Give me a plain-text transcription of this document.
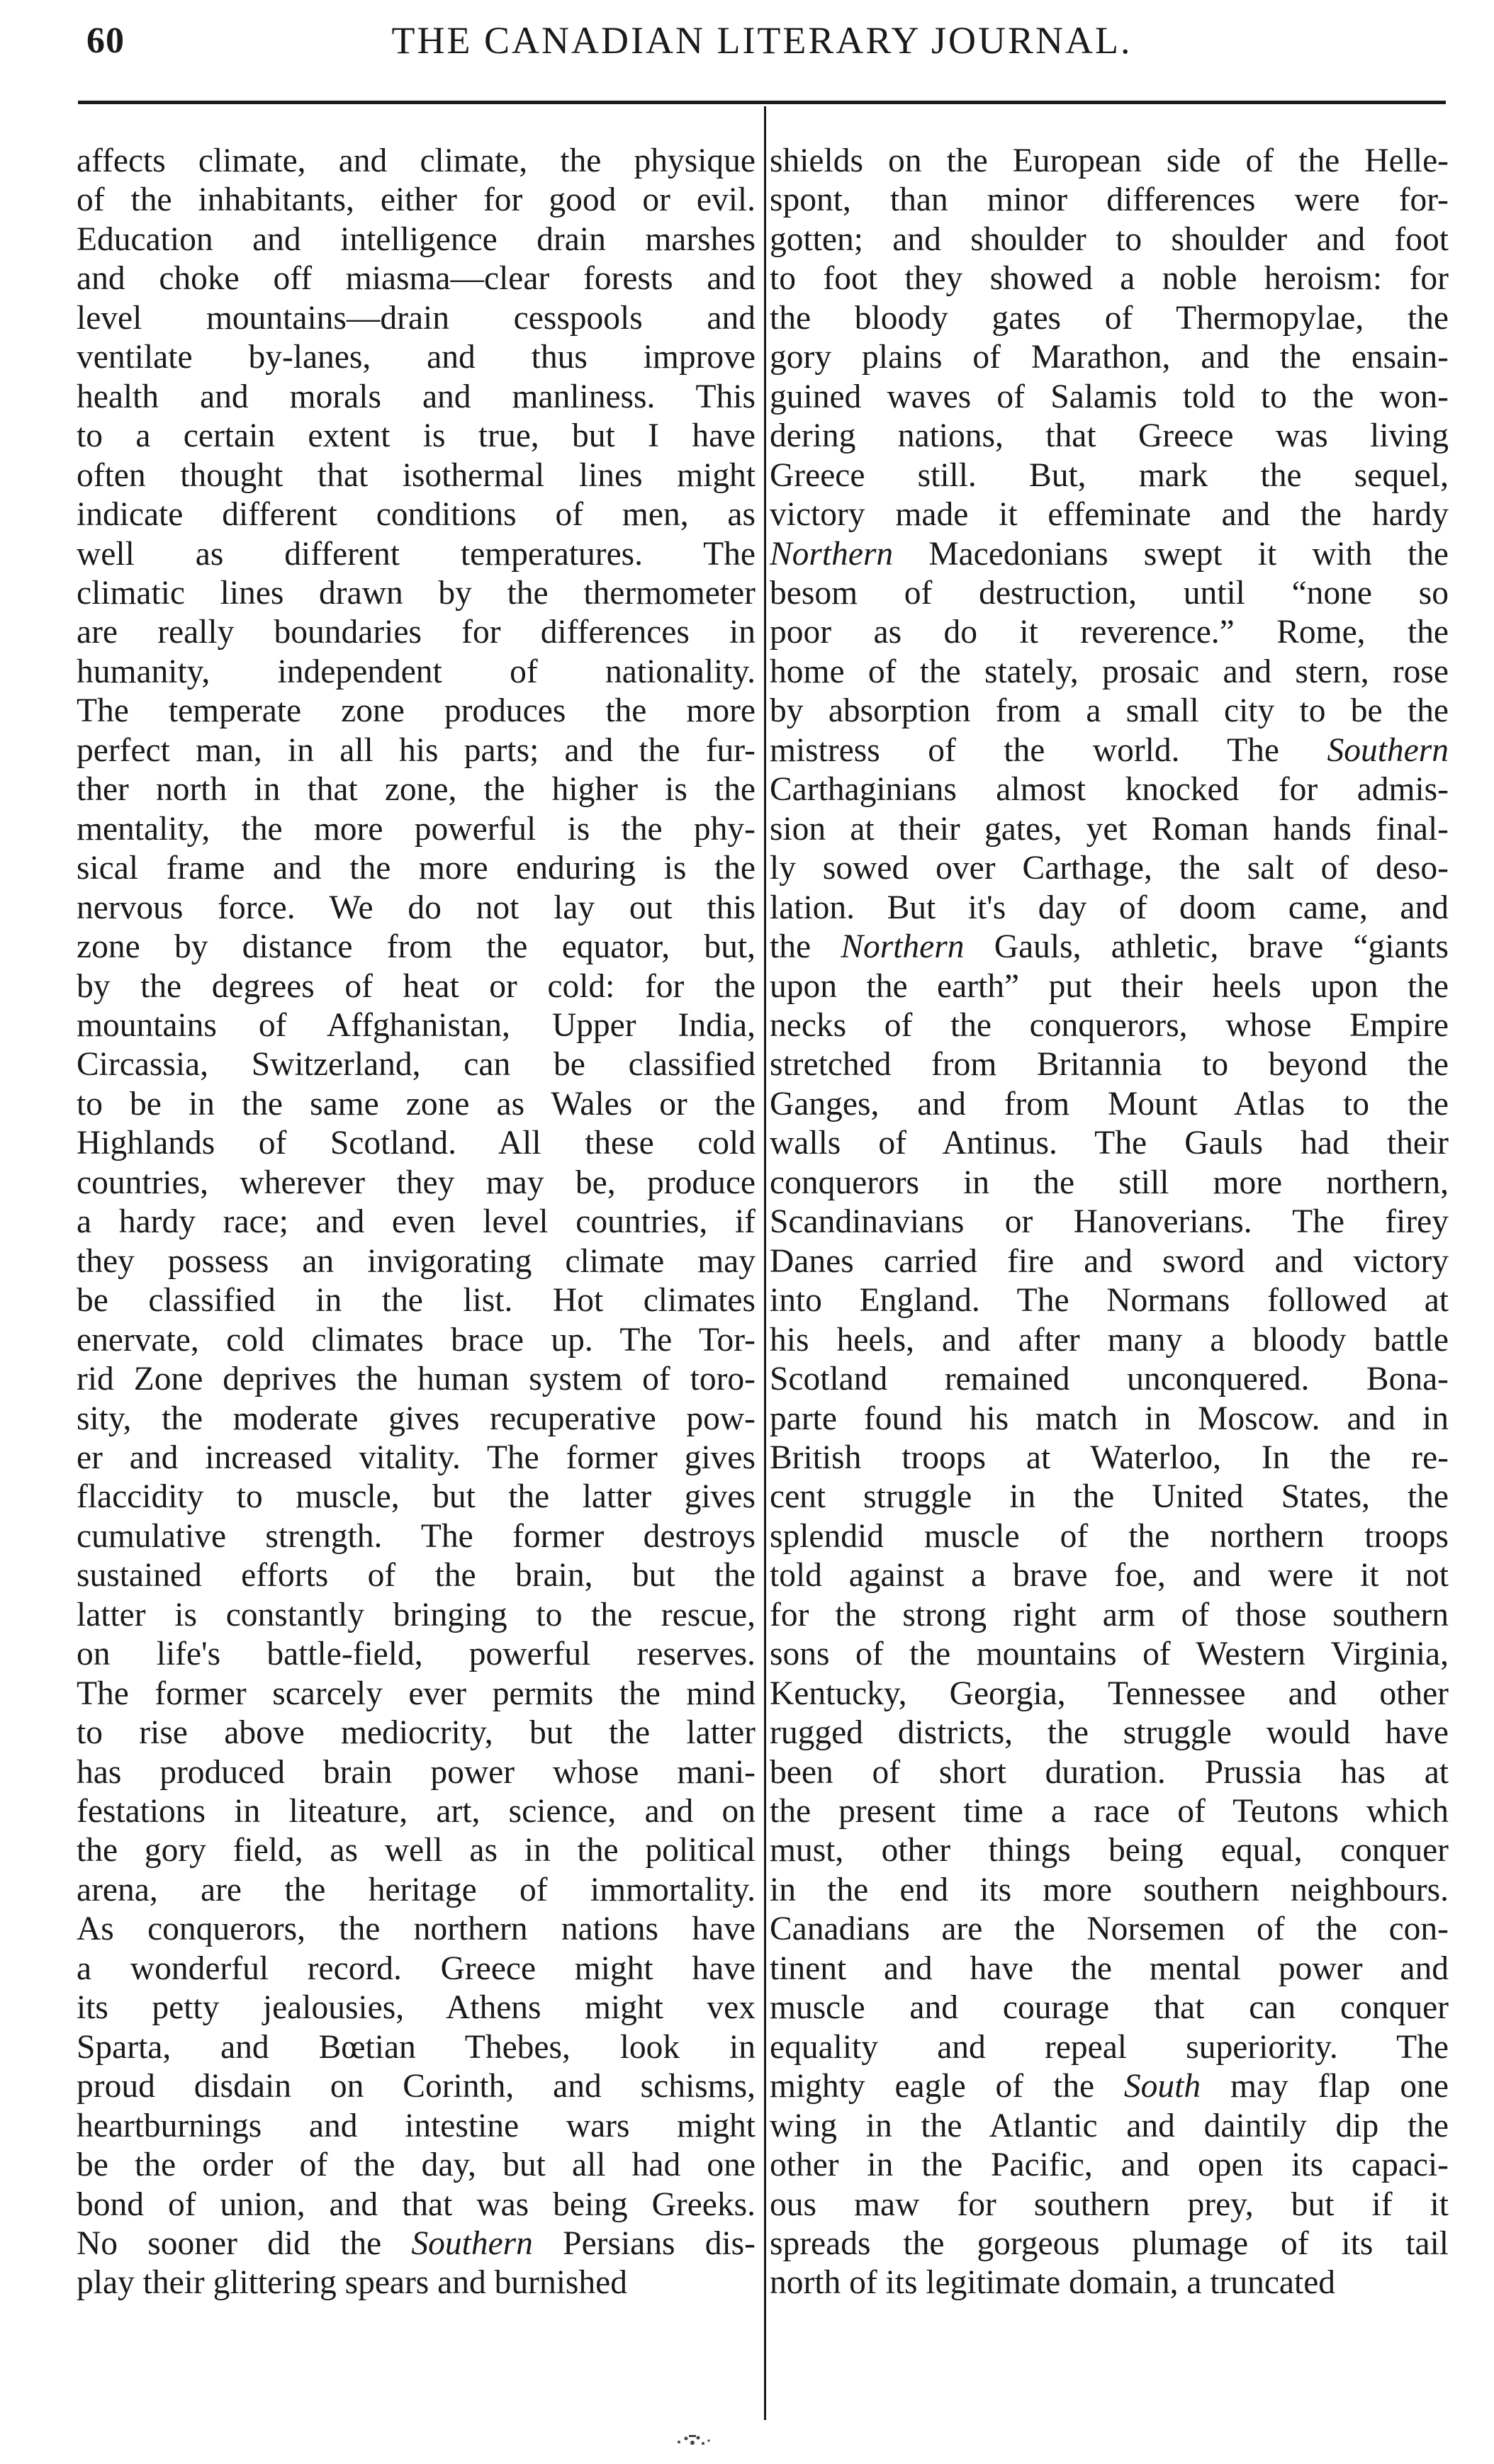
60	THE CANADIAN LITERARY JOURNAL.
affects climate, and climate, the physique
of the inhabitants, either for good or evil.
Education and intelligence drain marshes
and choke off miasma—clear forests and
level mountains—drain cesspools and
ventilate by-lanes, and thus improve
health and morals and manliness. This
to a certain extent is true, but I have
often thought that isothermal lines might
indicate different conditions of men, as
well as different temperatures. The
climatic lines drawn by the thermometer
are really boundaries for differences in
humanity, independent of nationality.
The temperate zone produces the more
perfect man, in all his parts; and the fur-
ther north in that zone, the higher is the
mentality, the more powerful is the phy-
sical frame and the more enduring is the
nervous force. We do not lay out this
zone by distance from the equator, but,
by the degrees of heat or cold: for the
mountains of Affghanistan, Upper India,
Circassia, Switzerland, can be classified
to be in the same zone as Wales or the
Highlands of Scotland. All these cold
countries, wherever they may be, produce
a hardy race; and even level countries, if
they possess an invigorating climate may
be classified in the list. Hot climates
enervate, cold climates brace up. The Tor-
rid Zone deprives the human system of toro-
sity, the moderate gives recuperative pow-
er and increased vitality. The former gives
flaccidity to muscle, but the latter gives
cumulative strength. The former destroys
sustained efforts of the brain, but the
latter is constantly bringing to the rescue,
on life's battle-field, powerful reserves.
The former scarcely ever permits the mind
to rise above mediocrity, but the latter
has produced brain power whose mani-
festations in liteature, art, science, and on
the gory field, as well as in the political
arena, are the heritage of immortality.
As conquerors, the northern nations have
a wonderful record. Greece might have
its petty jealousies, Athens might vex
Sparta, and Bœtian Thebes, look in
proud disdain on Corinth, and schisms,
heartburnings and intestine wars might
be the order of the day, but all had one
bond of union, and that was being Greeks.
No sooner did the Southern Persians dis-
play their glittering spears and burnished
shields on the European side of the Helle-
spont, than minor differences were for-
gotten; and shoulder to shoulder and foot
to foot they showed a noble heroism: for
the bloody gates of Thermopylae, the
gory plains of Marathon, and the ensain-
guined waves of Salamis told to the won-
dering nations, that Greece was living
Greece still. But, mark the sequel,
victory made it effeminate and the hardy
Northern Macedonians swept it with the
besom of destruction, until “none so
poor as do it reverence.” Rome, the
home of the stately, prosaic and stern, rose
by absorption from a small city to be the
mistress of the world. The Southern
Carthaginians almost knocked for admis-
sion at their gates, yet Roman hands final-
ly sowed over Carthage, the salt of deso-
lation. But it's day of doom came, and
the Northern Gauls, athletic, brave “giants
upon the earth” put their heels upon the
necks of the conquerors, whose Empire
stretched from Britannia to beyond the
Ganges, and from Mount Atlas to the
walls of Antinus. The Gauls had their
conquerors in the still more northern,
Scandinavians or Hanoverians. The firey
Danes carried fire and sword and victory
into England. The Normans followed at
his heels, and after many a bloody battle
Scotland remained unconquered. Bona-
parte found his match in Moscow. and in
British troops at Waterloo, In the re-
cent struggle in the United States, the
splendid muscle of the northern troops
told against a brave foe, and were it not
for the strong right arm of those southern
sons of the mountains of Western Virginia,
Kentucky, Georgia, Tennessee and other
rugged districts, the struggle would have
been of short duration. Prussia has at
the present time a race of Teutons which
must, other things being equal, conquer
in the end its more southern neighbours.
Canadians are the Norsemen of the con-
tinent and have the mental power and
muscle and courage that can conquer
equality and repeal superiority. The
mighty eagle of the South may flap one
wing in the Atlantic and daintily dip the
other in the Pacific, and open its capaci-
ous maw for southern prey, but if it
spreads the gorgeous plumage of its tail
north of its legitimate domain, a truncated
